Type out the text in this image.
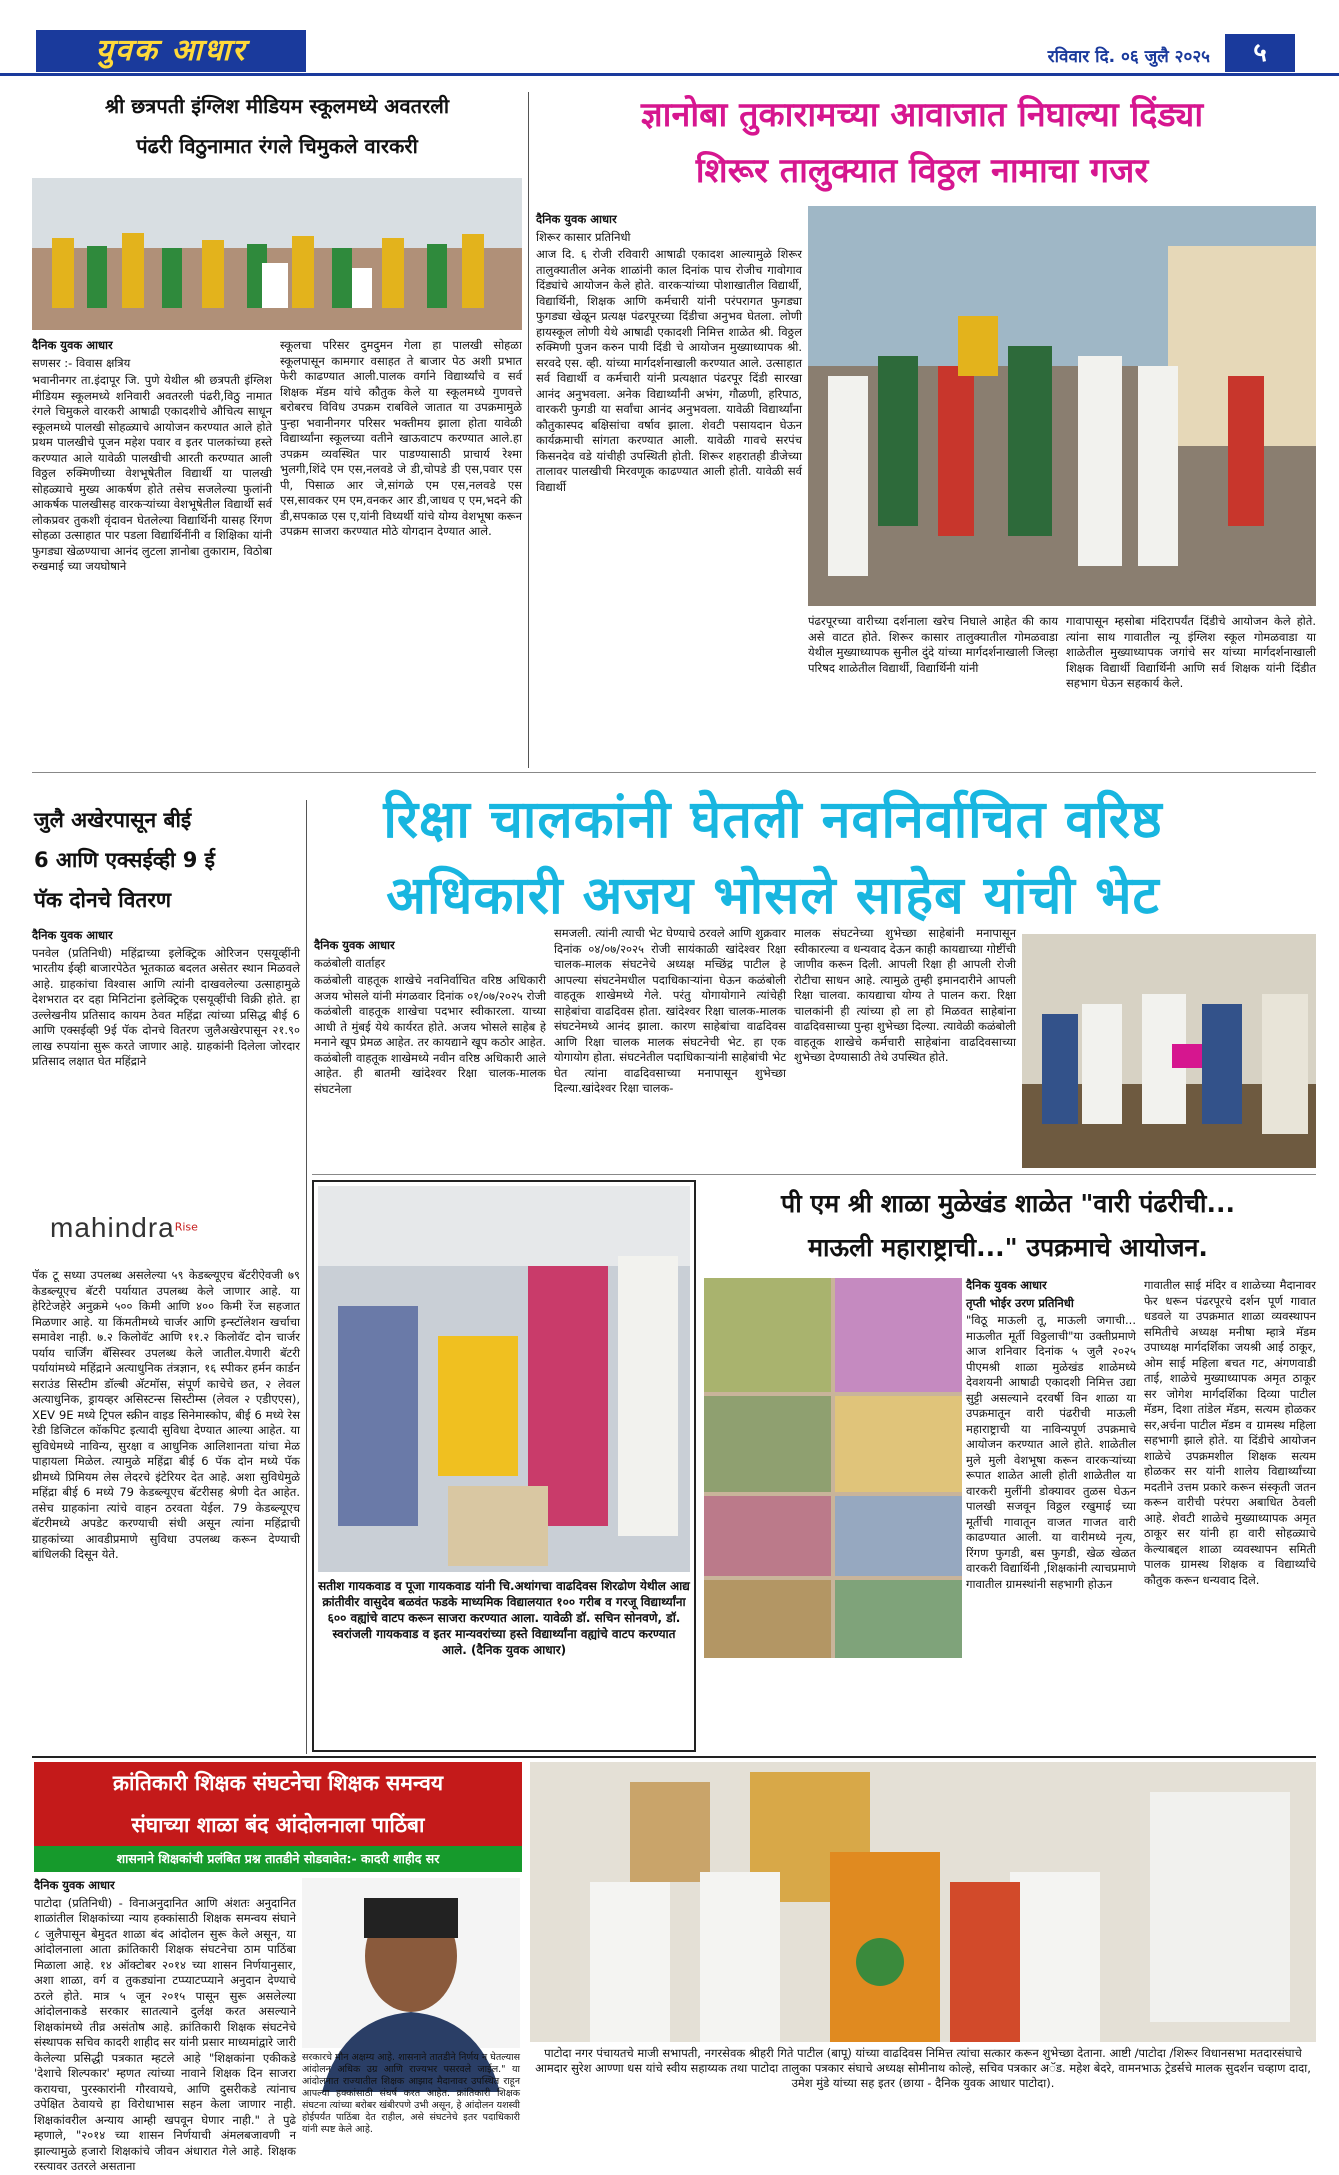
युवक आधार	रविवार दि. ०६ जुलै २०२५	५
श्री छत्रपती इंग्लिश मीडियम स्कूलमध्ये अवतरली
पंढरी विठुनामात रंगले चिमुकले वारकरी

दैनिक युवक आधार

सणसर :- विवास क्षत्रिय

भवानीनगर ता.इंदापूर जि. पुणे येथील श्री छत्रपती इंग्लिश मीडियम स्कूलमध्ये शनिवारी अवतरली पंढरी,विठु नामात रंगले चिमुकले वारकरी आषाढी एकादशीचे औचित्य साधून स्कूलमध्ये पालखी सोहळ्याचे आयोजन करण्यात आले होते प्रथम पालखीचे पूजन महेश पवार व इतर पालकांच्या हस्ते करण्यात आले यावेळी पालखीची आरती करण्यात आली विठ्ठल रुक्मिणीच्या वेशभूषेतील विद्यार्थी या पालखी सोहळ्याचे मुख्य आकर्षण होते तसेच सजलेल्या फुलांनी आकर्षक पालखीसह वारकऱ्यांच्या वेशभूषेतील विद्यार्थी सर्व लोकप्रवर तुकशी वृंदावन घेतलेल्या विद्यार्थिनी यासह रिंगण सोहळा उत्साहात पार पडला विद्यार्थिनींनी व शिक्षिका यांनी फुगड्या खेळण्याचा आनंद लुटला ज्ञानोबा तुकाराम, विठोबा रुखमाई च्या जयघोषाने

स्कूलचा परिसर दुमदुमन गेला हा पालखी सोहळा स्कूलपासून कामगार वसाहत ते बाजार पेठ अशी प्रभात फेरी काढण्यात आली.पालक वर्गाने विद्यार्थ्यांचे व सर्व शिक्षक मॅडम यांचे कौतुक केले या स्कूलमध्ये गुणवत्ते बरोबरच विविध उपक्रम राबविले जातात या उपक्रमामुळे पुन्हा भवानीनगर परिसर भक्तीमय झाला होता यावेळी विद्यार्थ्यांना स्कूलच्या वतीने खाऊवाटप करण्यात आले.हा उपक्रम व्यवस्थित पार पाडण्यासाठी प्राचार्य रेश्मा भुलगी,शिंदे एम एस,नलवडे जे डी,चोपडे डी एस,पवार एस पी, पिसाळ आर जे,सांगळे एम एस,नलवडे एस एस,सावकर एम एम,वनकर आर डी,जाधव ए एम,भदने की डी,सपकाळ एस ए,यांनी विध्यर्थी यांचे योग्य वेशभूषा करून उपक्रम साजरा करण्यात मोठे योगदान देण्यात आले.

ज्ञानोबा तुकारामच्या आवाजात निघाल्या दिंड्या
शिरूर तालुक्यात विठ्ठल नामाचा गजर

दैनिक युवक आधार

शिरूर कासार प्रतिनिधी

आज दि. ६ रोजी रविवारी आषाढी एकादश आल्यामुळे शिरूर तालुक्यातील अनेक शाळांनी काल दिनांक पाच रोजीच गावोगाव दिंड्यांचे आयोजन केले होते. वारकऱ्यांच्या पोशाखातील विद्यार्थी, विद्यार्थिनी, शिक्षक आणि कर्मचारी यांनी परंपरागत फुगड्या फुगड्या खेळून प्रत्यक्ष पंढरपूरच्या दिंडीचा अनुभव घेतला. लोणी हायस्कूल लोणी येथे आषाढी एकादशी निमित्त शाळेत श्री. विठ्ठल रुक्मिणी पुजन करुन पायी दिंडी चे आयोजन मुख्याध्यापक श्री. सरवदे एस. व्ही. यांच्या मार्गदर्शनाखाली करण्यात आले. उत्साहात सर्व विद्यार्थी व कर्मचारी यांनी प्रत्यक्षात पंढरपूर दिंडी सारखा आनंद अनुभवला. अनेक विद्यार्थ्यांनी अभंग, गौळणी, हरिपाठ, वारकरी फुगडी या सर्वांचा आनंद अनुभवला. यावेळी विद्यार्थ्यांना कौतुकास्पद बक्षिसांचा वर्षाव झाला. शेवटी पसायदान घेऊन कार्यक्रमाची सांगता करण्यात आली. यावेळी गावचे सरपंच किसनदेव वडे यांचीही उपस्थिती होती. शिरूर शहरातही डीजेच्या तालावर पालखीची मिरवणूक काढण्यात आली होती. यावेळी सर्व विद्यार्थी

पंढरपूरच्या वारीच्या दर्शनाला खरेच निघाले आहेत की काय असे वाटत होते. शिरूर कासार तालुक्यातील गोमळवाडा येथील मुख्याध्यापक सुनील दुंदे यांच्या मार्गदर्शनाखाली जिल्हा परिषद शाळेतील विद्यार्थी, विद्यार्थिनी यांनी

गावापासून म्हसोबा मंदिरापर्यंत दिंडीचे आयोजन केले होते. त्यांना साथ गावातील न्यू इंग्लिश स्कूल गोमळवाडा या शाळेतील मुख्याध्यापक जगांचे सर यांच्या मार्गदर्शनाखाली शिक्षक विद्यार्थी विद्यार्थिनी आणि सर्व शिक्षक यांनी दिंडीत सहभाग घेऊन सहकार्य केले.

रिक्षा चालकांनी घेतली नवनिर्वाचित वरिष्ठ
अधिकारी अजय भोसले साहेब यांची भेट
जुलै अखेरपासून बीई
6 आणि एक्सईव्ही 9 ई
पॅक दोनचे वितरण

दैनिक युवक आधार

पनवेल (प्रतिनिधी) महिंद्राच्या इलेक्ट्रिक ओरिजन एसयूव्हींनी भारतीय ईव्ही बाजारपेठेत भूतकाळ बदलत असेतर स्थान मिळवले आहे. ग्राहकांचा विश्वास आणि त्यांनी दाखवलेल्या उत्साहामुळे देशभरात दर दहा मिनिटांना इलेक्ट्रिक एसयूव्हींची विक्री होते. हा उल्लेखनीय प्रतिसाद कायम ठेवत महिंद्रा त्यांच्या प्रसिद्ध बीई 6 आणि एक्सईव्ही 9ई पॅक दोनचे वितरण जुलैअखेरपासून २१.९० लाख रुपयांना सुरू करते जाणार आहे. ग्राहकांनी दिलेला जोरदार प्रतिसाद लक्षात घेत महिंद्राने

mahindra$^{Rise}$

पॅक टू सध्या उपलब्ध असलेल्या ५९ केडब्ल्यूएच बॅटरीऐवजी ७९ केडब्ल्यूएच बॅटरी पर्यायात उपलब्ध केले जाणार आहे. या हेरिटेजहेरे अनुक्रमे ५०० किमी आणि ४०० किमी रेंज सहजात मिळणार आहे. या किंमतीमध्ये चार्जर आणि इन्स्टॉलेशन खर्चाचा समावेश नाही. ७.२ किलोवॅट आणि ११.२ किलोवॅट दोन चार्जर पर्याय चार्जिंग बॅसिस्वर उपलब्ध केले जातील.येणारी बॅटरी पर्यायांमध्ये महिंद्राने अत्याधुनिक तंत्रज्ञान, १६ स्पीकर हर्मन कार्डन सराउंड सिस्टीम डॉल्बी अ‍ॅटमॉस, संपूर्ण काचेचे छत, २ लेवल अत्याधुनिक, ड्रायव्हर असिस्टन्स सिस्टीम्स (लेवल २ एडीएएस), XEV 9E मध्ये ट्रिपल स्क्रीन वाइड सिनेमास्कोप, बीई 6 मध्ये रेस रेडी डिजिटल कॉकपिट इत्यादी सुविधा देण्यात आल्या आहेत. या सुविधेमध्ये नाविन्य, सुरक्षा व आधुनिक आलिशानता यांचा मेळ पाहायला मिळेल. त्यामुळे महिंद्रा बीई 6 पॅक दोन मध्ये पॅक थ्रीमध्ये प्रिमियम लेस लेदरचे इंटेरियर देत आहे. अशा सुविधेमुळे महिंद्रा बीई 6 मध्ये 79 केडब्ल्यूएच बॅटरीसह श्रेणी देत आहेत. तसेच ग्राहकांना त्यांचे वाहन ठरवता येईल. 79 केडब्ल्यूएच बॅटरीमध्ये अपडेट करण्याची संधी असून त्यांना महिंद्राची ग्राहकांच्या आवडीप्रमाणे सुविधा उपलब्ध करून देण्याची बांधिलकी दिसून येते.

दैनिक युवक आधार

कळंबोली वार्ताहर

कळंबोली वाहतूक शाखेचे नवनिर्वाचित वरिष्ठ अधिकारी अजय भोसले यांनी मंगळवार दिनांक ०१/०७/२०२५ रोजी कळंबोली वाहतूक शाखेचा पदभार स्वीकारला. याच्या आधी ते मुंबई येथे कार्यरत होते. अजय भोसले साहेब हे मनाने खूप प्रेमळ आहेत. तर कायद्याने खूप कठोर आहेत. कळंबोली वाहतूक शाखेमध्ये नवीन वरिष्ठ अधिकारी आले आहेत. ही बातमी खांदेश्वर रिक्षा चालक-मालक संघटनेला

समजली. त्यांनी त्याची भेट घेण्याचे ठरवले आणि शुक्रवार दिनांक ०४/०७/२०२५ रोजी सायंकाळी खांदेश्वर रिक्षा चालक-मालक संघटनेचे अध्यक्ष मच्छिंद्र पाटील हे आपल्या संघटनेमधील पदाधिकाऱ्यांना घेऊन कळंबोली वाहतूक शाखेमध्ये गेले. परंतु योगायोगाने त्यांचेही साहेबांचा वाढदिवस होता. खांदेश्वर रिक्षा चालक-मालक संघटनेमध्ये आनंद झाला. कारण साहेबांचा वाढदिवस आणि रिक्षा चालक मालक संघटनेची भेट. हा एक योगायोग होता. संघटनेतील पदाधिकाऱ्यांनी साहेबांची भेट घेत त्यांना वाढदिवसाच्या मनापासून शुभेच्छा दिल्या.खांदेश्वर रिक्षा चालक-

मालक संघटनेच्या शुभेच्छा साहेबांनी मनापासून स्वीकारल्या व धन्यवाद देऊन काही कायद्याच्या गोष्टींची जाणीव करून दिली. आपली रिक्षा ही आपली रोजी रोटीचा साधन आहे. त्यामुळे तुम्ही इमानदारीने आपली रिक्षा चालवा. कायद्याचा योग्य ते पालन करा. रिक्षा चालकांनी ही त्यांच्या हो ला हो मिळवत साहेबांना वाढदिवसाच्या पुन्हा शुभेच्छा दिल्या. त्यावेळी कळंबोली वाहतूक शाखेचे कर्मचारी साहेबांना वाढदिवसाच्या शुभेच्छा देण्यासाठी तेथे उपस्थित होते.

सतीश गायकवाड व पूजा गायकवाड यांनी चि.अथांगचा वाढदिवस शिरढोण येथील आद्य क्रांतीवीर वासुदेव बळवंत फडके माध्यमिक विद्यालयात १०० गरीब व गरजू विद्यार्थ्यांना ६०० वह्यांचे वाटप करून साजरा करण्यात आला. यावेळी डॉ. सचिन सोनवणे, डॉ. स्वरांजली गायकवाड व इतर मान्यवरांच्या हस्ते विद्यार्थ्यांना वह्यांचे वाटप करण्यात आले. (दैनिक युवक आधार)
पी एम श्री शाळा मुळेखंड शाळेत "वारी पंढरीची...
माऊली महाराष्ट्राची..." उपक्रमाचे आयोजन.

दैनिक युवक आधार

तृप्ती भोईर उरण प्रतिनिधी

"विठू माऊली तू, माऊली जगाची... माऊलीत मूर्ती विठ्ठलाची"या उक्तीप्रमाणे आज शनिवार दिनांक ५ जुलै २०२५ पीएमश्री शाळा मुळेखंड शाळेमध्ये देवशयनी आषाढी एकादशी निमित्त उद्या सुट्टी असल्याने दरवर्षी विन शाळा या उपक्रमातून वारी पंढरीची माऊली महाराष्ट्राची या नाविन्यपूर्ण उपक्रमाचे आयोजन करण्यात आले होते. शाळेतील मुले मुली वेशभूषा करून वारकऱ्यांच्या रूपात शाळेत आली होती शाळेतील या वारकरी मुलींनी डोक्यावर तुळस घेऊन पालखी सजवून विठ्ठल रखुमाई च्या मूर्तीची गावातून वाजत गाजत वारी काढण्यात आली. या वारीमध्ये नृत्य, रिंगण फुगडी, बस फुगडी, खेळ खेळत वारकरी विद्यार्थिनी ,शिक्षकांनी त्याचप्रमाणे गावातील ग्रामस्थांनी सहभागी होऊन

गावातील साई मंदिर व शाळेच्या मैदानावर फेर धरून पंढरपूरचे दर्शन पूर्ण गावात धडवले या उपक्रमात शाळा व्यवस्थापन समितीचे अध्यक्ष मनीषा म्हात्रे मॅडम उपाध्यक्ष मार्गदर्शिका जयश्री आई ठाकूर, ओम साई महिला बचत गट, अंगणवाडी ताई, शाळेचे मुख्याध्यापक अमृत ठाकूर सर जोगेश मार्गदर्शिका दिव्या पाटील मॅडम, दिशा तांडेल मॅडम, सत्यम होळकर सर,अर्चना पाटील मॅडम व ग्रामस्थ महिला सहभागी झाले होते. या दिंडीचे आयोजन शाळेचे उपक्रमशील शिक्षक सत्यम होळकर सर यांनी शालेय विद्यार्थ्यांच्या मदतीने उत्तम प्रकारे करून संस्कृती जतन करून वारीची परंपरा अबाधित ठेवली आहे. शेवटी शाळेचे मुख्याध्यापक अमृत ठाकूर सर यांनी हा वारी सोहळ्याचे केल्याबद्दल शाळा व्यवस्थापन समिती पालक ग्रामस्थ शिक्षक व विद्यार्थ्यांचे कौतुक करून धन्यवाद दिले.

क्रांतिकारी शिक्षक संघटनेचा शिक्षक समन्वय
संघाच्या शाळा बंद आंदोलनाला पाठिंबा
शासनाने शिक्षकांची प्रलंबित प्रश्न तातडीने सोडवावेत:- कादरी शाहीद सर

दैनिक युवक आधार

पाटोदा (प्रतिनिधी) - विनाअनुदानित आणि अंशतः अनुदानित शाळांतील शिक्षकांच्या न्याय हक्कांसाठी शिक्षक समन्वय संघाने ८ जुलैपासून बेमुदत शाळा बंद आंदोलन सुरू केले असून, या आंदोलनाला आता क्रांतिकारी शिक्षक संघटनेचा ठाम पाठिंबा मिळाला आहे. १४ ऑक्टोबर २०१४ च्या शासन निर्णयानुसार, अशा शाळा, वर्ग व तुकड्यांना टप्प्याटप्प्याने अनुदान देण्याचे ठरले होते. मात्र ५ जून २०१५ पासून सुरू असलेल्या आंदोलनाकडे सरकार सातत्याने दुर्लक्ष करत असल्याने शिक्षकांमध्ये तीव्र असंतोष आहे. क्रांतिकारी शिक्षक संघटनेचे संस्थापक सचिव कादरी शाहीद सर यांनी प्रसार माध्यमांद्वारे जारी केलेल्या प्रसिद्धी पत्रकात म्हटले आहे "शिक्षकांना एकीकडे 'देशाचे शिल्पकार' म्हणत त्यांच्या नावाने शिक्षक दिन साजरा करायचा, पुरस्कारांनी गौरवायचे, आणि दुसरीकडे त्यांनाच उपेक्षित ठेवायचे हा विरोधाभास सहन केला जाणार नाही. शिक्षकांवरील अन्याय आम्ही खपवून घेणार नाही." ते पुढे म्हणाले, "२०१४ च्या शासन निर्णयाची अंमलबजावणी न झाल्यामुळे हजारो शिक्षकांचे जीवन अंधारात गेले आहे. शिक्षक रस्त्यावर उतरले असताना

पाटोदा नगर पंचायतचे माजी सभापती, नगरसेवक श्रीहरी गिते पाटील (बापू) यांच्या वाढदिवस निमित्त त्यांचा सत्कार करून शुभेच्छा देताना. आष्टी /पाटोदा /शिरूर विधानसभा मतदारसंघाचे आमदार सुरेश आण्णा धस यांचे स्वीय सहाय्यक तथा पाटोदा तालुका पत्रकार संघाचे अध्यक्ष सोमीनाथ कोल्हे, सचिव पत्रकार अॅड. महेश बेदरे, वामनभाऊ ट्रेडर्सचे मालक सुदर्शन चव्हाण दादा, उमेश मुंडे यांच्या सह इतर (छाया - दैनिक युवक आधार पाटोदा).
सरकारचे मौन अक्षम्य आहे. शासनाने तातडीने निर्णय न घेतल्यास आंदोलन अधिक उग्र आणि राज्यभर पसरवले जाईल." या आंदोलनात राज्यातील शिक्षक आझाद मैदानावर उपस्थित राहून आपल्या हक्कांसाठी संघर्ष करत आहेत. क्रांतिकारी शिक्षक संघटना त्यांच्या बरोबर खंबीरपणे उभी असून, हे आंदोलन यशस्वी होईपर्यंत पाठिंबा देत राहील, असे संघटनेचे इतर पदाधिकारी यांनी स्पष्ट केले आहे.
